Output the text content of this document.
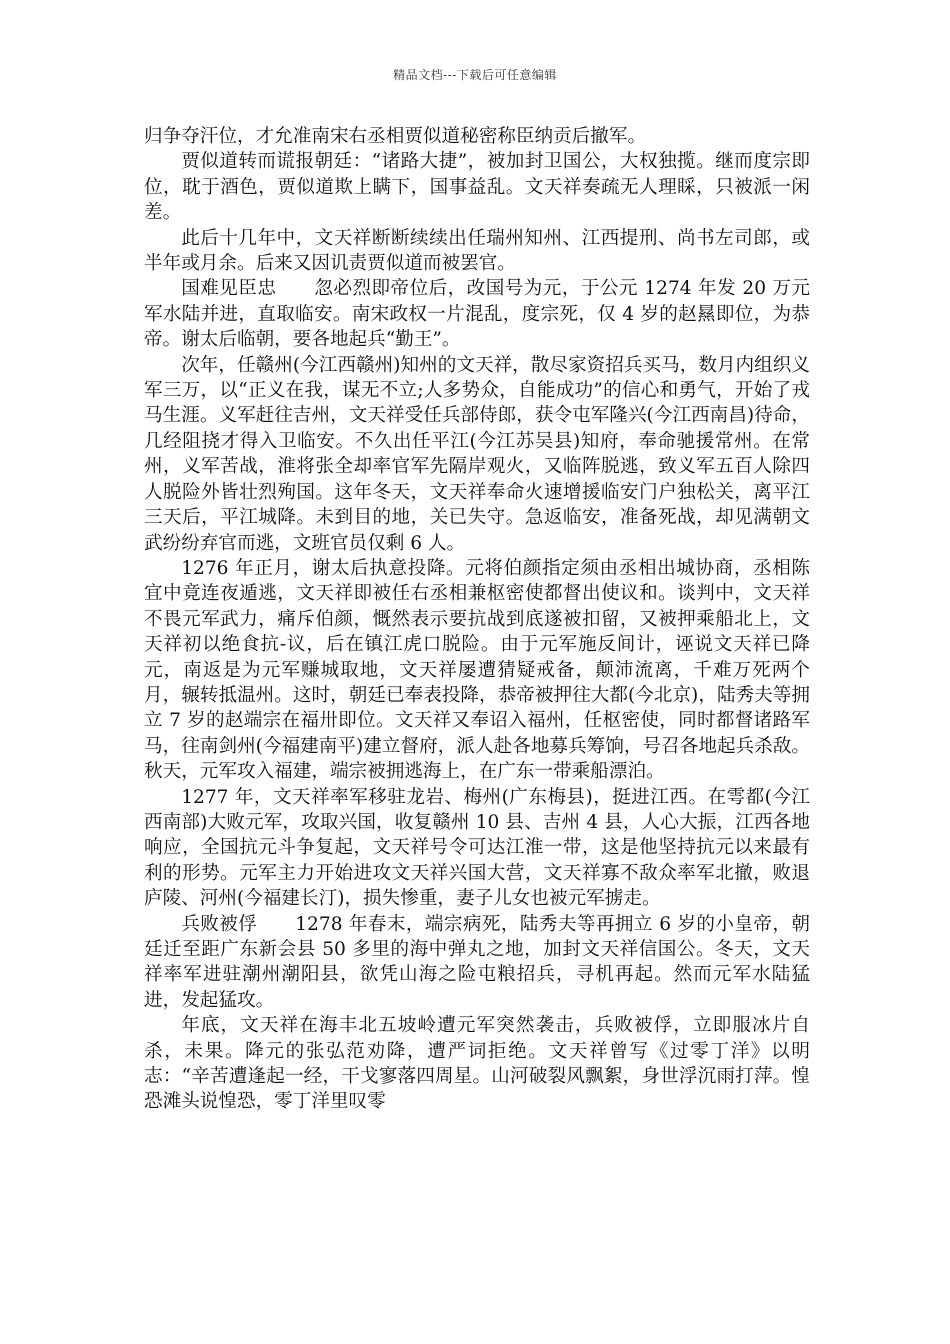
精品文档---下载后可任意编辑

归争夺汗位，才允准南宋右丞相贾似道秘密称臣纳贡后撤军。

贾似道转而谎报朝廷：“诸路大捷”，被加封卫国公，大权独揽。继而度宗即位，耽于酒色，贾似道欺上瞒下，国事益乱。文天祥奏疏无人理睬，只被派一闲差。

此后十几年中，文天祥断断续续出任瑞州知州、江西提刑、尚书左司郎，或半年或月余。后来又因讥责贾似道而被罢官。

国难见臣忠　　忽必烈即帝位后，改国号为元，于公元 1274 年发 20 万元军水陆并进，直取临安。南宋政权一片混乱，度宗死，仅 4 岁的赵㬎即位，为恭帝。谢太后临朝，要各地起兵“勤王”。

次年，任赣州(今江西赣州)知州的文天祥，散尽家资招兵买马，数月内组织义军三万，以“正义在我，谋无不立;人多势众，自能成功”的信心和勇气，开始了戎马生涯。义军赶往吉州，文天祥受任兵部侍郎，获令屯军隆兴(今江西南昌)待命，几经阻挠才得入卫临安。不久出任平江(今江苏吴县)知府，奉命驰援常州。在常州，义军苦战，淮将张全却率官军先隔岸观火，又临阵脱逃，致义军五百人除四人脱险外皆壮烈殉国。这年冬天，文天祥奉命火速增援临安门户独松关，离平江三天后，平江城降。未到目的地，关已失守。急返临安，准备死战，却见满朝文武纷纷弃官而逃，文班官员仅剩 6 人。

1276 年正月，谢太后执意投降。元将伯颜指定须由丞相出城协商，丞相陈宜中竟连夜遁逃，文天祥即被任右丞相兼枢密使都督出使议和。谈判中，文天祥不畏元军武力，痛斥伯颜，慨然表示要抗战到底遂被扣留，又被押乘船北上，文天祥初以绝食抗-议，后在镇江虎口脱险。由于元军施反间计，诬说文天祥已降元，南返是为元军赚城取地，文天祥屡遭猜疑戒备，颠沛流离，千难万死两个月，辗转抵温州。这时，朝廷已奉表投降，恭帝被押往大都(今北京)，陆秀夫等拥立 7 岁的赵端宗在福卅即位。文天祥又奉诏入福州，任枢密使，同时都督诸路军马，往南剑州(今福建南平)建立督府，派人赴各地募兵筹饷，号召各地起兵杀敌。秋天，元军攻入福建，端宗被拥逃海上，在广东一带乘船漂泊。

1277 年，文天祥率军移驻龙岩、梅州(广东梅县)，挺进江西。在雩都(今江西南部)大败元军，攻取兴国，收复赣州 10 县、吉州 4 县，人心大振，江西各地响应，全国抗元斗争复起，文天祥号令可达江淮一带，这是他坚持抗元以来最有利的形势。元军主力开始进攻文天祥兴国大营，文天祥寡不敌众率军北撤，败退庐陵、河州(今福建长汀)，损失惨重，妻子儿女也被元军掳走。

兵败被俘　　1278 年春末，端宗病死，陆秀夫等再拥立 6 岁的小皇帝，朝廷迁至距广东新会县 50 多里的海中弹丸之地，加封文天祥信国公。冬天，文天祥率军进驻潮州潮阳县，欲凭山海之险屯粮招兵，寻机再起。然而元军水陆猛进，发起猛攻。

年底，文天祥在海丰北五坡岭遭元军突然袭击，兵败被俘，立即服冰片自杀，未果。降元的张弘范劝降，遭严词拒绝。文天祥曾写《过零丁洋》以明志：“辛苦遭逢起一经，干戈寥落四周星。山河破裂风飘絮，身世浮沉雨打萍。惶恐滩头说惶恐，零丁洋里叹零
